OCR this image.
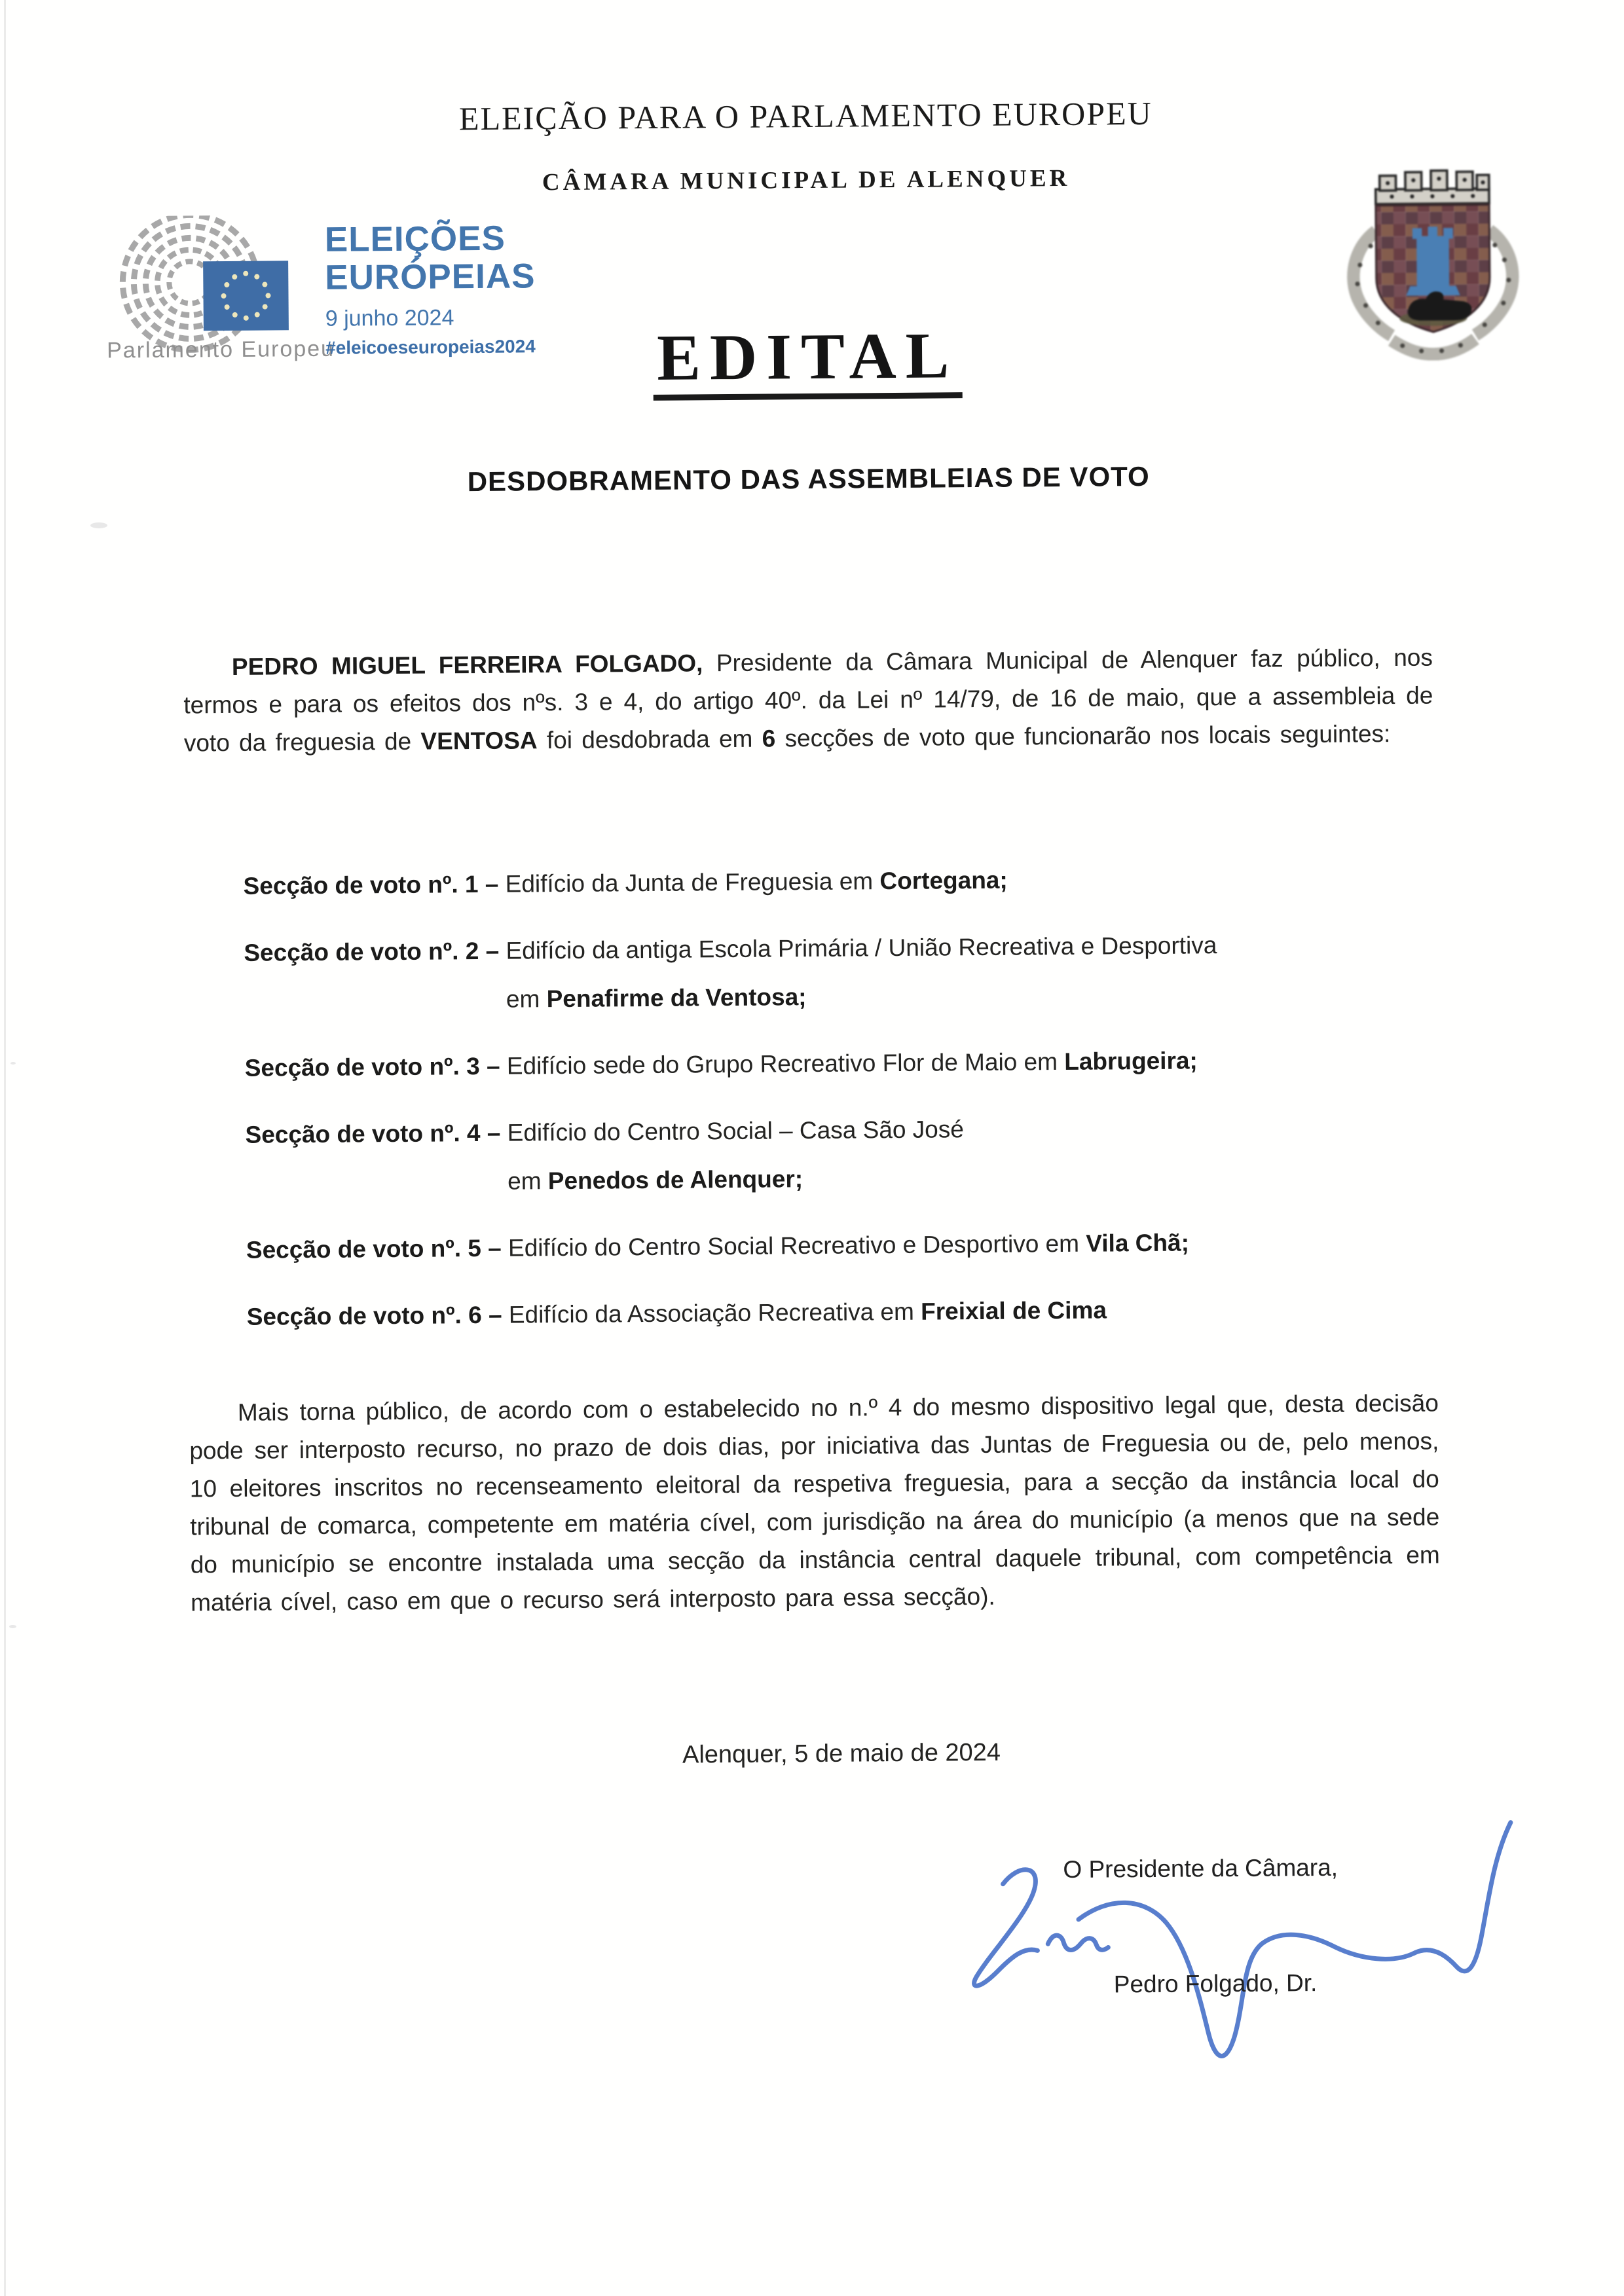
ELEIÇÃO PARA O PARLAMENTO EUROPEU
CÂMARA MUNICIPAL DE ALENQUER
Parlamento Europeu
ELEIÇÕES
EURÓPEIAS
9 junho 2024
#eleicoeseuropeias2024	EDITAL
DESDOBRAMENTO DAS ASSEMBLEIAS DE VOTO
PEDRO MIGUEL FERREIRA FOLGADO, Presidente da Câmara Municipal de Alenquer faz público, nos termos e para os efeitos dos nºs. 3 e 4, do artigo 40º. da Lei nº 14/79, de 16 de maio, que a assembleia de voto da freguesia de VENTOSA foi desdobrada em 6 secções de voto que funcionarão nos locais seguintes:
Secção de voto nº. 1 – Edifício da Junta de Freguesia em Cortegana;
Secção de voto nº. 2 – Edifício da antiga Escola Primária / União Recreativa e Desportiva
em Penafirme da Ventosa;
Secção de voto nº. 3 – Edifício sede do Grupo Recreativo Flor de Maio em Labrugeira;
Secção de voto nº. 4 – Edifício do Centro Social – Casa São José
em Penedos de Alenquer;
Secção de voto nº. 5 – Edifício do Centro Social Recreativo e Desportivo em Vila Chã;
Secção de voto nº. 6 – Edifício da Associação Recreativa em Freixial de Cima
Mais torna público, de acordo com o estabelecido no n.º 4 do mesmo dispositivo legal que, desta decisão pode ser interposto recurso, no prazo de dois dias, por iniciativa das Juntas de Freguesia ou de, pelo menos, 10 eleitores inscritos no recenseamento eleitoral da respetiva freguesia, para a secção da instância local do tribunal de comarca, competente em matéria cível, com jurisdição na área do município (a menos que na sede do município se encontre instalada uma secção da instância central daquele tribunal, com competência em matéria cível, caso em que o recurso será interposto para essa secção).
Alenquer, 5 de maio de 2024
O Presidente da Câmara,
Pedro Folgado, Dr.
